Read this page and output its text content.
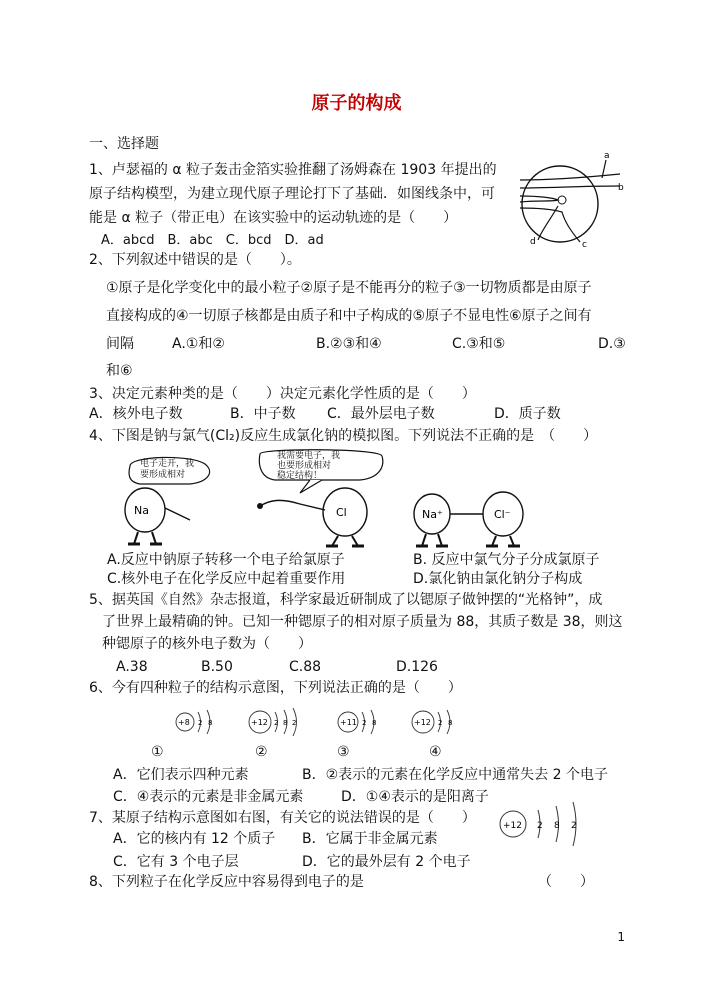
原子的构成
一、选择题
1、卢瑟福的 α 粒子轰击金箔实验推翻了汤姆森在 1903 年提出的
原子结构模型，为建立现代原子理论打下了基础．如图线条中，可
能是 α 粒子（带正电）在该实验中的运动轨迹的是（　　）
A．abcd　B．abc　C．bcd　D．ad
a
b
c
d
2、下列叙述中错误的是（　　）。
①原子是化学变化中的最小粒子②原子是不能再分的粒子③一切物质都是由原子
直接构成的④一切原子核都是由质子和中子构成的⑤原子不显电性⑥原子之间有
间隔	A.①和②	B.②③和④	C.③和⑤	D.③
和⑥
3、决定元素种类的是（　　）决定元素化学性质的是（　　）
A．核外电子数	B．中子数 C．最外层电子数	D．质子数
4、下图是钠与氯气(Cl₂)反应生成氯化钠的模拟图。下列说法不正确的是　（　　）
Na	Cl	Na⁺	Cl⁻
电子走开，我
要形成相对
我需要电子，我
也要形成相对
稳定结构！
A.反应中钠原子转移一个电子给氯原子	B. 反应中氯气分子分成氯原子
C.核外电子在化学反应中起着重要作用	D.氯化钠由氯化钠分子构成
5、据英国《自然》杂志报道，科学家最近研制成了以锶原子做钟摆的“光格钟”，成
了世界上最精确的钟。已知一种锶原子的相对原子质量为 88，其质子数是 38，则这
种锶原子的核外电子数为（　　）
A.38	B.50	C.88	D.126
6、今有四种粒子的结构示意图，下列说法正确的是（　　）
+8 2 8	+12 2 8 2	+11 2 8	+12 2 8
①	②	③	④
A．它们表示四种元素	B．②表示的元素在化学反应中通常失去 2 个电子
C．④表示的元素是非金属元素	D．①④表示的是阳离子
7、某原子结构示意图如右图，有关它的说法错误的是（　　）
A．它的核内有 12 个质子 B．它属于非金属元素
C．它有 3 个电子层	D．它的最外层有 2 个电子
+12 2 8 2
8、下列粒子在化学反应中容易得到电子的是	（　　）
1
